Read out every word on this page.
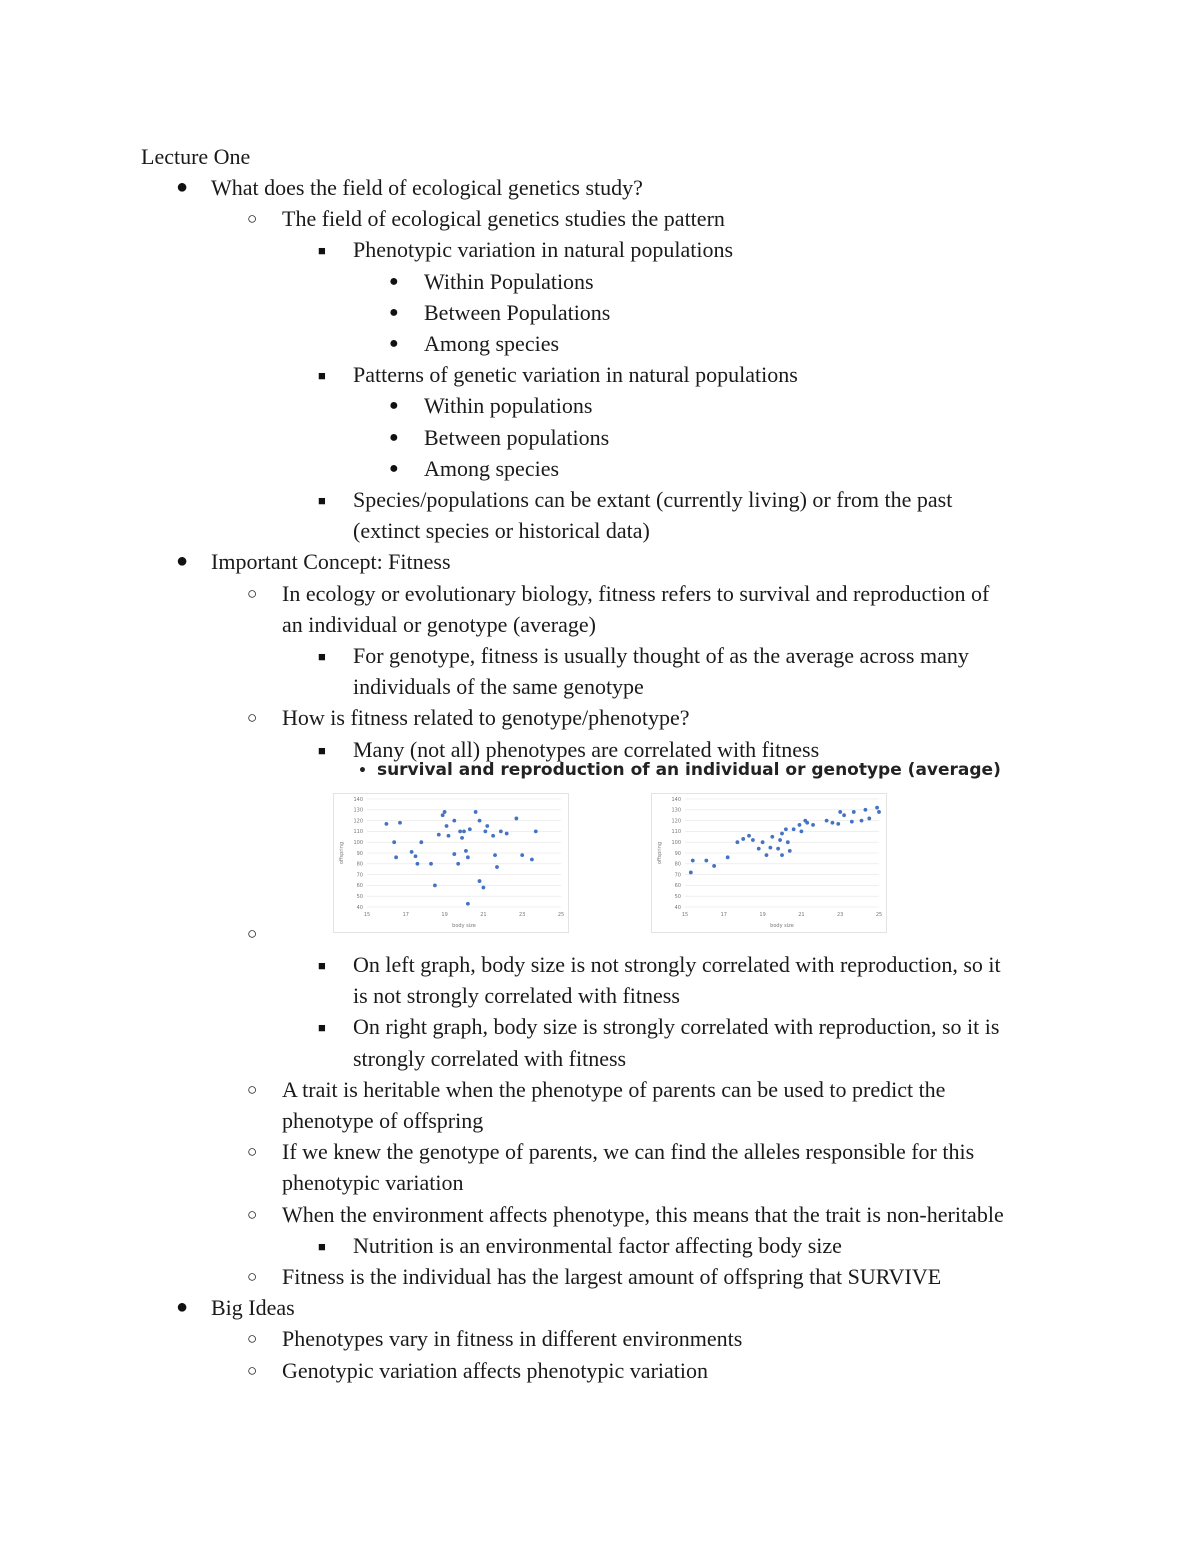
Lecture One
● What does the field of ecological genetics study?
○ The field of ecological genetics studies the pattern
■ Phenotypic variation in natural populations
● Within Populations
● Between Populations
● Among species
■ Patterns of genetic variation in natural populations
● Within populations
● Between populations
● Among species
■ Species/populations can be extant (currently living) or from the past
(extinct species or historical data)
● Important Concept: Fitness
○ In ecology or evolutionary biology, fitness refers to survival and reproduction of
an individual or genotype (average)
■ For genotype, fitness is usually thought of as the average across many
individuals of the same genotype
○ How is fitness related to genotype/phenotype?
■ Many (not all) phenotypes are correlated with fitness
• survival and reproduction of an individual or genotype (average)
140
130
120
110
100
90
80
70
60
50
40
15	17	19	21	23	25
body size
offspring
140
130
120
110
100
90
80
70
60
50
40
15	17	19	21	23	25
body size
offspring
○
■ On left graph, body size is not strongly correlated with reproduction, so it
is not strongly correlated with fitness
■ On right graph, body size is strongly correlated with reproduction, so it is
strongly correlated with fitness
○ A trait is heritable when the phenotype of parents can be used to predict the
phenotype of offspring
○ If we knew the genotype of parents, we can find the alleles responsible for this
phenotypic variation
○ When the environment affects phenotype, this means that the trait is non-heritable
■ Nutrition is an environmental factor affecting body size
○ Fitness is the individual has the largest amount of offspring that SURVIVE
● Big Ideas
○ Phenotypes vary in fitness in different environments
○ Genotypic variation affects phenotypic variation
